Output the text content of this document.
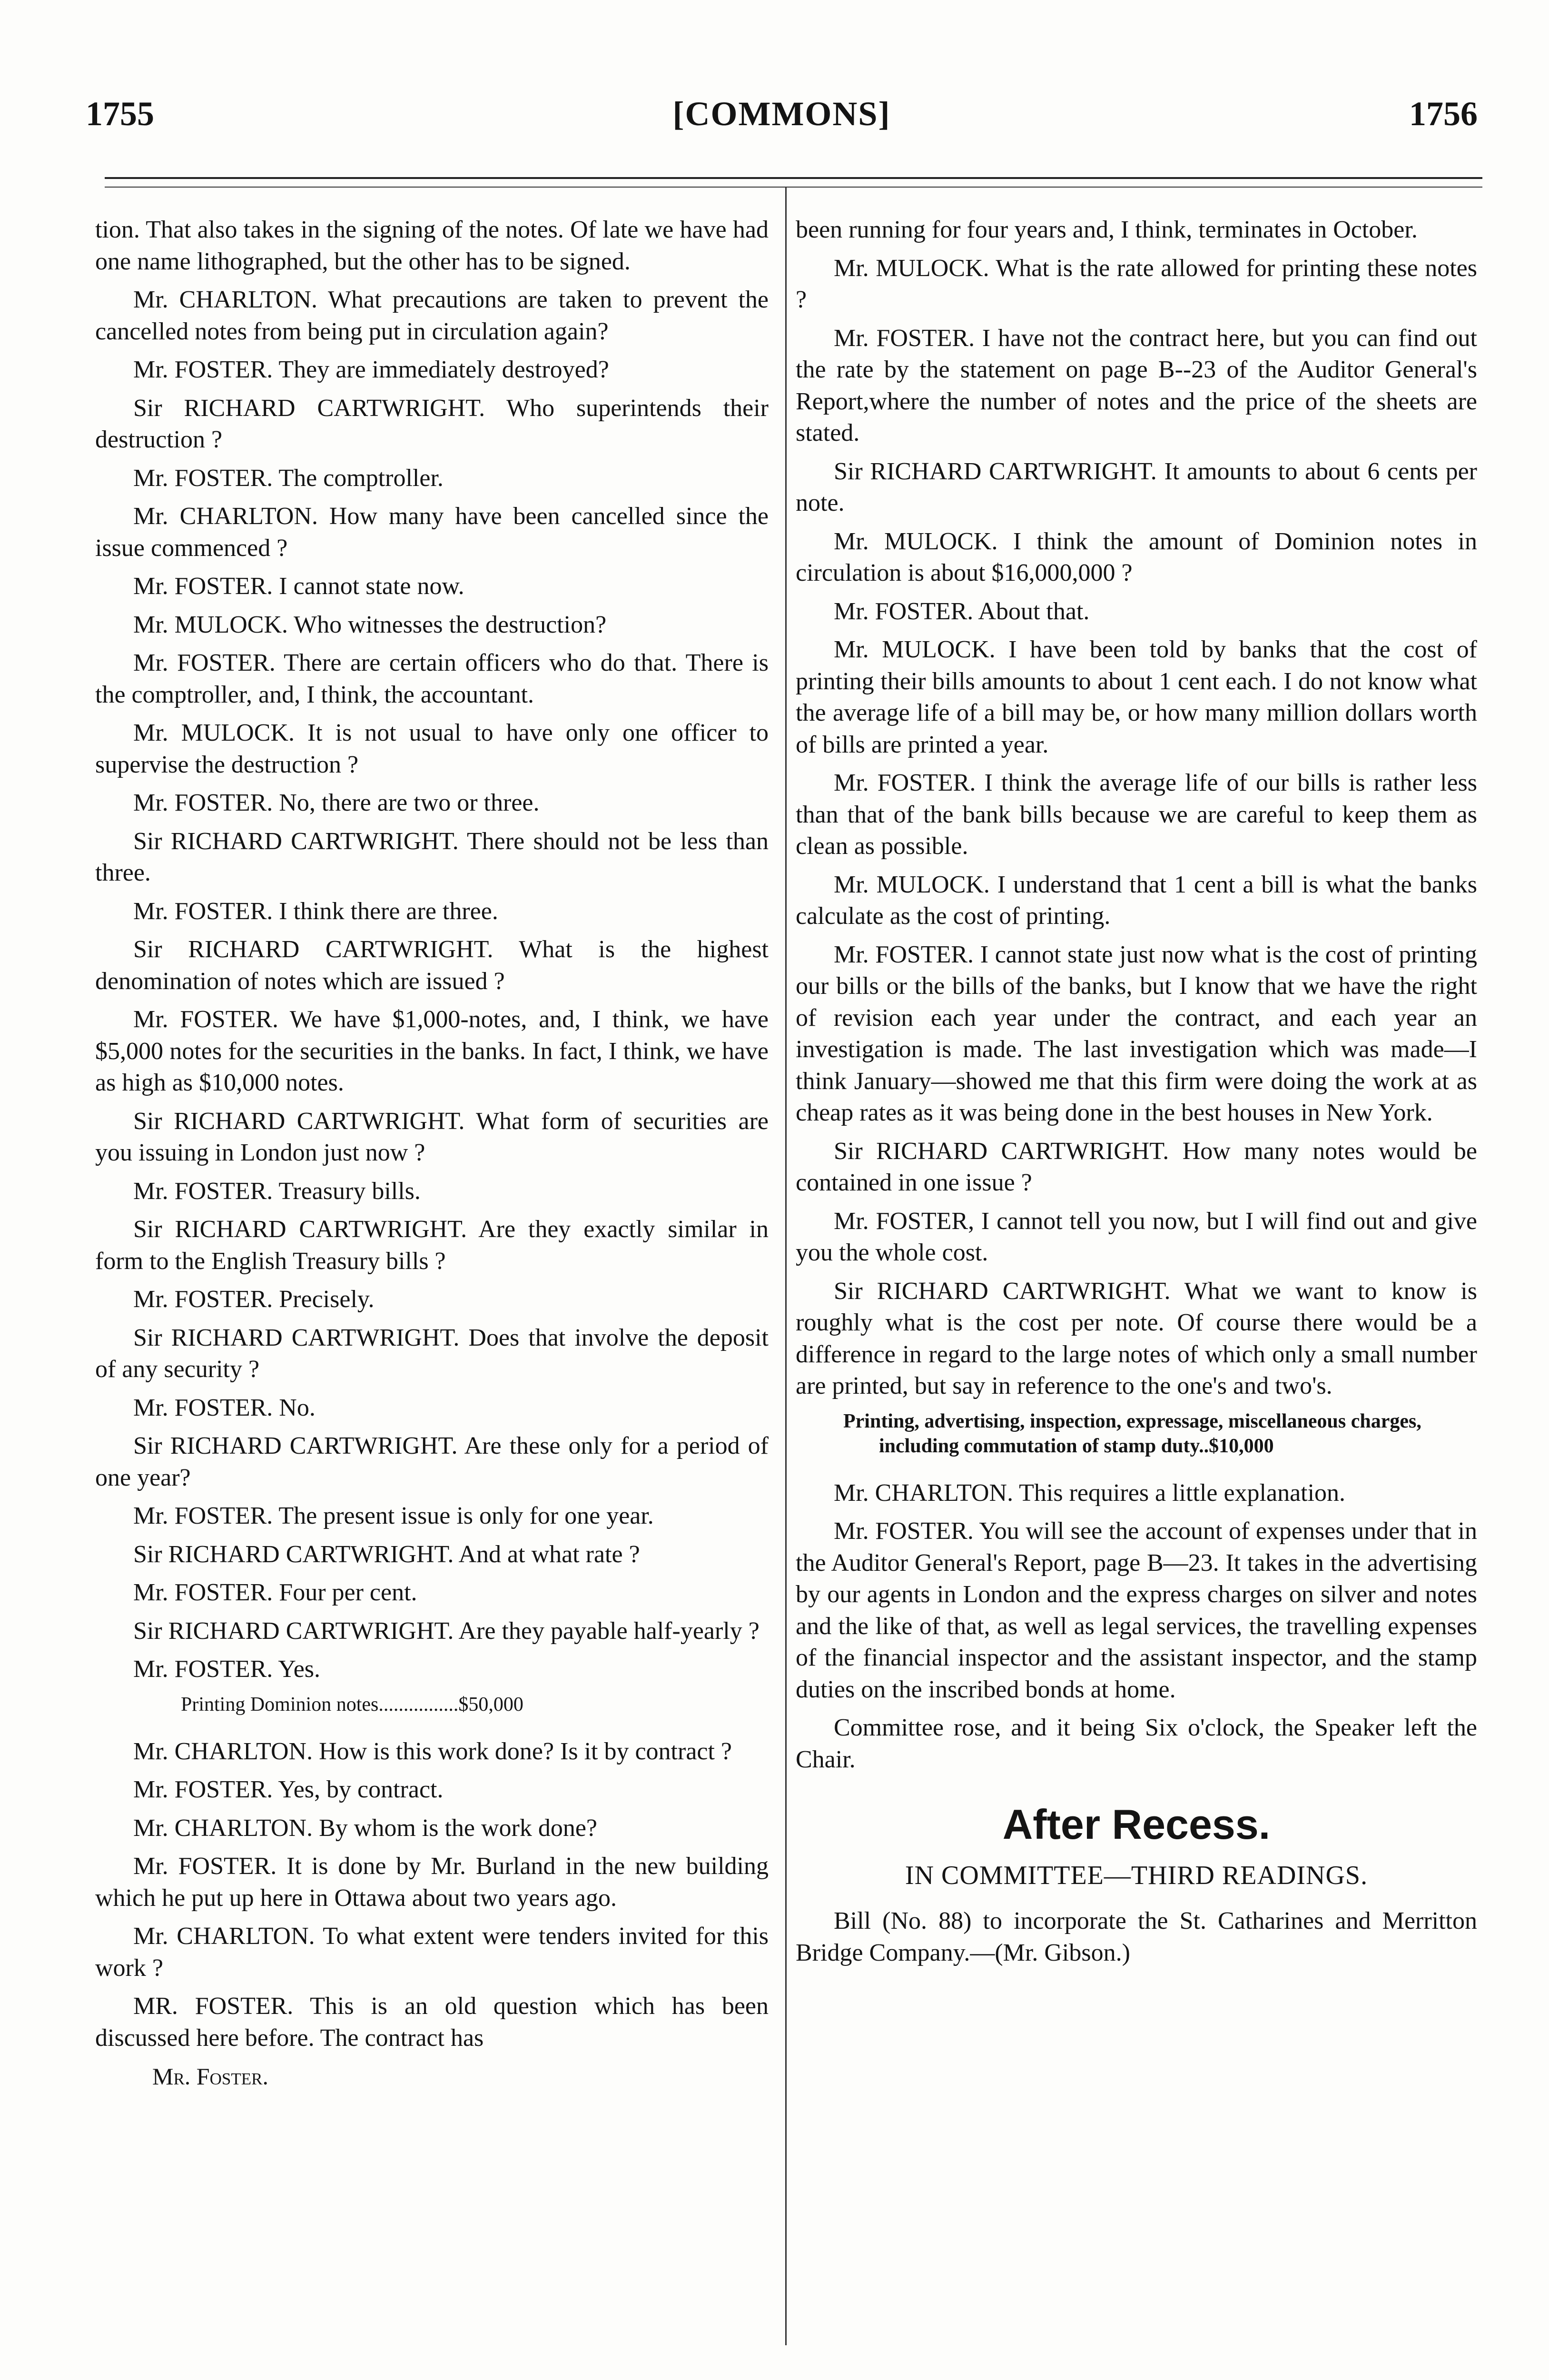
1755	[COMMONS]	1756

tion. That also takes in the signing of the notes. Of late we have had one name lithographed, but the other has to be signed.

Mr. CHARLTON. What precautions are taken to prevent the cancelled notes from being put in circulation again?

Mr. FOSTER. They are immediately destroyed?

Sir RICHARD CARTWRIGHT. Who superintends their destruction ?

Mr. FOSTER. The comptroller.

Mr. CHARLTON. How many have been cancelled since the issue commenced ?

Mr. FOSTER. I cannot state now.

Mr. MULOCK. Who witnesses the destruction?

Mr. FOSTER. There are certain officers who do that. There is the comptroller, and, I think, the accountant.

Mr. MULOCK. It is not usual to have only one officer to supervise the destruction ?

Mr. FOSTER. No, there are two or three.

Sir RICHARD CARTWRIGHT. There should not be less than three.

Mr. FOSTER. I think there are three.

Sir RICHARD CARTWRIGHT. What is the highest denomination of notes which are issued ?

Mr. FOSTER. We have $1,000-notes, and, I think, we have $5,000 notes for the securities in the banks. In fact, I think, we have as high as $10,000 notes.

Sir RICHARD CARTWRIGHT. What form of securities are you issuing in London just now ?

Mr. FOSTER. Treasury bills.

Sir RICHARD CARTWRIGHT. Are they exactly similar in form to the English Treasury bills ?

Mr. FOSTER. Precisely.

Sir RICHARD CARTWRIGHT. Does that involve the deposit of any security ?

Mr. FOSTER. No.

Sir RICHARD CARTWRIGHT. Are these only for a period of one year?

Mr. FOSTER. The present issue is only for one year.

Sir RICHARD CARTWRIGHT. And at what rate ?

Mr. FOSTER. Four per cent.

Sir RICHARD CARTWRIGHT. Are they payable half-yearly ?

Mr. FOSTER. Yes.

Printing Dominion notes................$50,000

Mr. CHARLTON. How is this work done? Is it by contract ?

Mr. FOSTER. Yes, by contract.

Mr. CHARLTON. By whom is the work done?

Mr. FOSTER. It is done by Mr. Burland in the new building which he put up here in Ottawa about two years ago.

Mr. CHARLTON. To what extent were tenders invited for this work ?

MR. FOSTER. This is an old question which has been discussed here before. The contract has

Mr. Foster.

been running for four years and, I think, terminates in October.

Mr. MULOCK. What is the rate allowed for printing these notes ?

Mr. FOSTER. I have not the contract here, but you can find out the rate by the statement on page B--23 of the Auditor General's Report,where the number of notes and the price of the sheets are stated.

Sir RICHARD CARTWRIGHT. It amounts to about 6 cents per note.

Mr. MULOCK. I think the amount of Dominion notes in circulation is about $16,000,000 ?

Mr. FOSTER. About that.

Mr. MULOCK. I have been told by banks that the cost of printing their bills amounts to about 1 cent each. I do not know what the average life of a bill may be, or how many million dollars worth of bills are printed a year.

Mr. FOSTER. I think the average life of our bills is rather less than that of the bank bills because we are careful to keep them as clean as possible.

Mr. MULOCK. I understand that 1 cent a bill is what the banks calculate as the cost of printing.

Mr. FOSTER. I cannot state just now what is the cost of printing our bills or the bills of the banks, but I know that we have the right of revision each year under the contract, and each year an investigation is made. The last investigation which was made—I think January—showed me that this firm were doing the work at as cheap rates as it was being done in the best houses in New York.

Sir RICHARD CARTWRIGHT. How many notes would be contained in one issue ?

Mr. FOSTER, I cannot tell you now, but I will find out and give you the whole cost.

Sir RICHARD CARTWRIGHT. What we want to know is roughly what is the cost per note. Of course there would be a difference in regard to the large notes of which only a small number are printed, but say in reference to the one's and two's.

Printing, advertising, inspection, expressage, miscellaneous charges, including commutation of stamp duty..$10,000

Mr. CHARLTON. This requires a little explanation.

Mr. FOSTER. You will see the account of expenses under that in the Auditor General's Report, page B—23. It takes in the advertising by our agents in London and the express charges on silver and notes and the like of that, as well as legal services, the travelling expenses of the financial inspector and the assistant inspector, and the stamp duties on the inscribed bonds at home.

Committee rose, and it being Six o'clock, the Speaker left the Chair.

After Recess.
IN COMMITTEE—THIRD READINGS.

Bill (No. 88) to incorporate the St. Catharines and Merritton Bridge Company.—(Mr. Gibson.)
